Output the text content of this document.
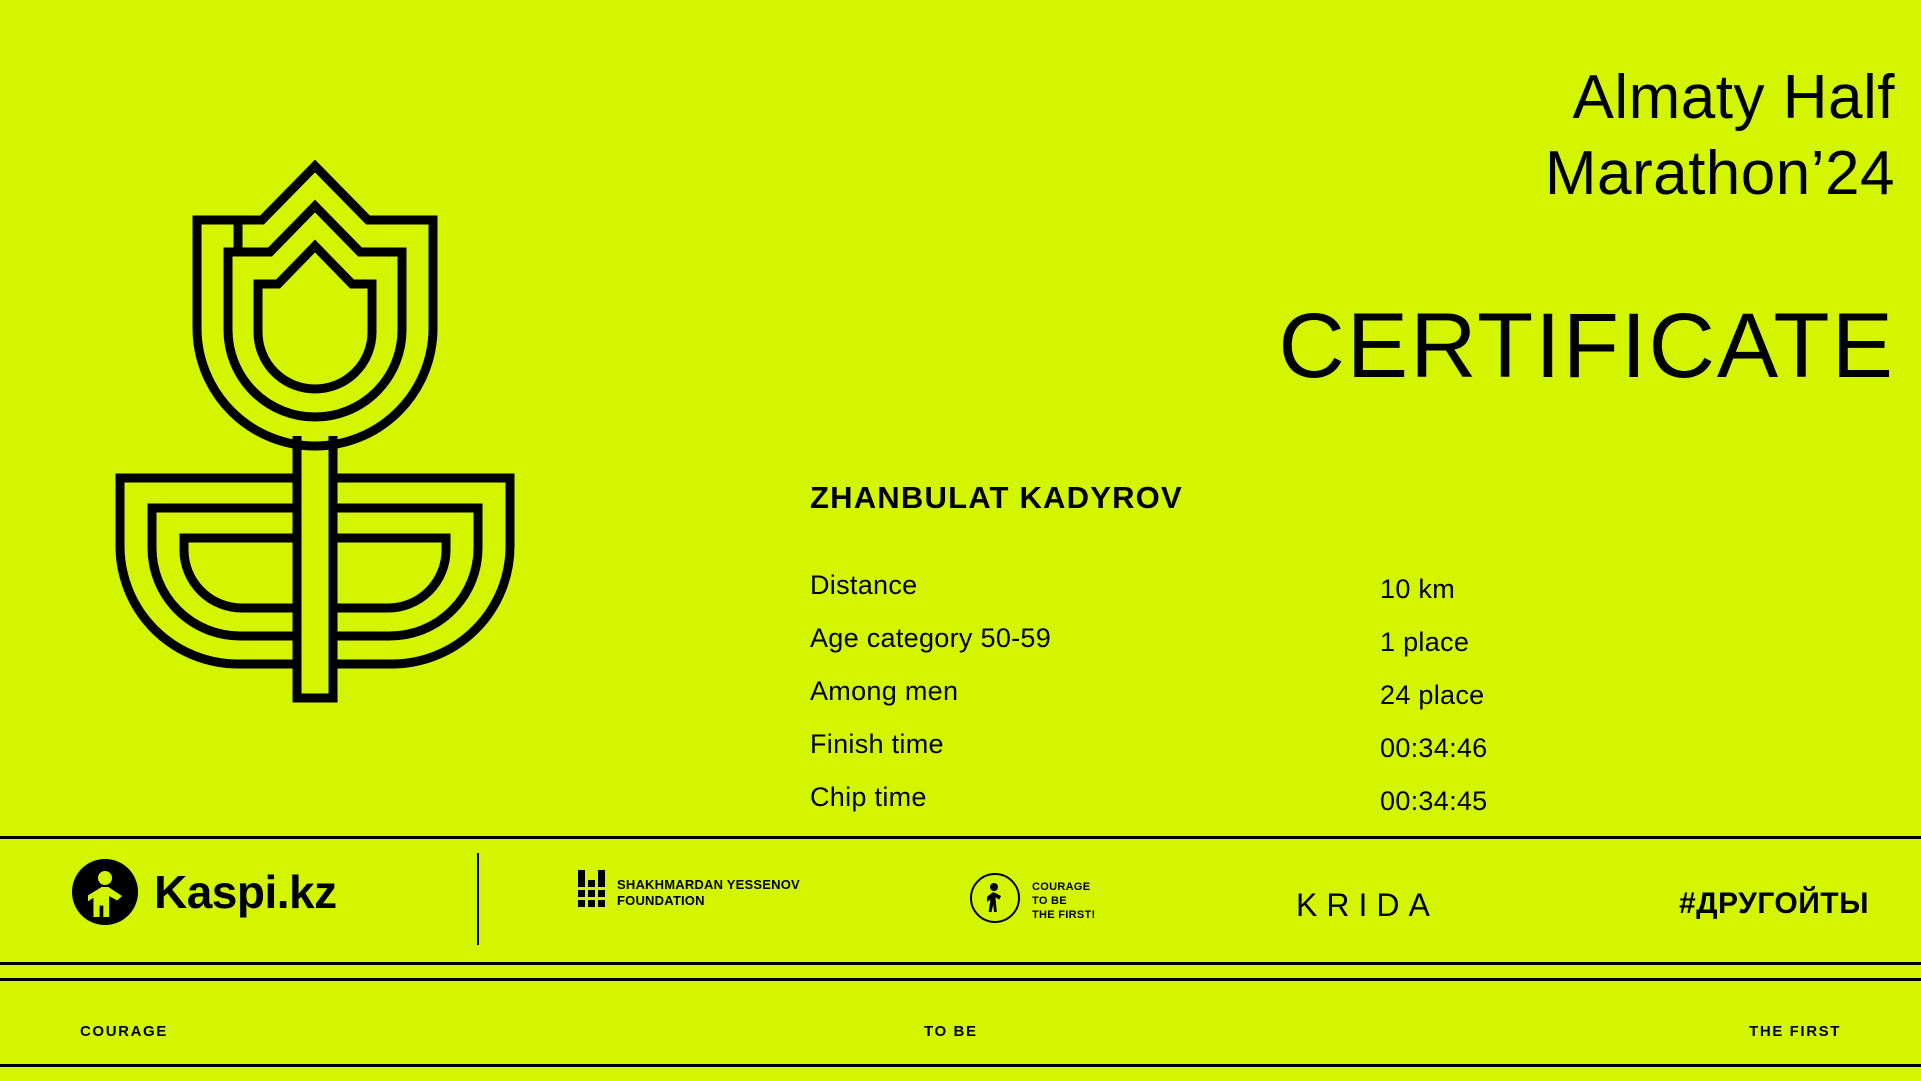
Almaty Half
Marathon’24
CERTIFICATE
ZHANBULAT KADYROV
Distance	10 km
Age category 50-59	1 place
Among men	24 place
Finish time	00:34:46
Chip time	00:34:45
Kaspi.kz	SHAKHMARDAN YESSENOV
FOUNDATION
COURAGE
TO BE
THE FIRST!	KRIDA	#ДРУГОЙТЫ
COURAGE	TO BE	THE FIRST
